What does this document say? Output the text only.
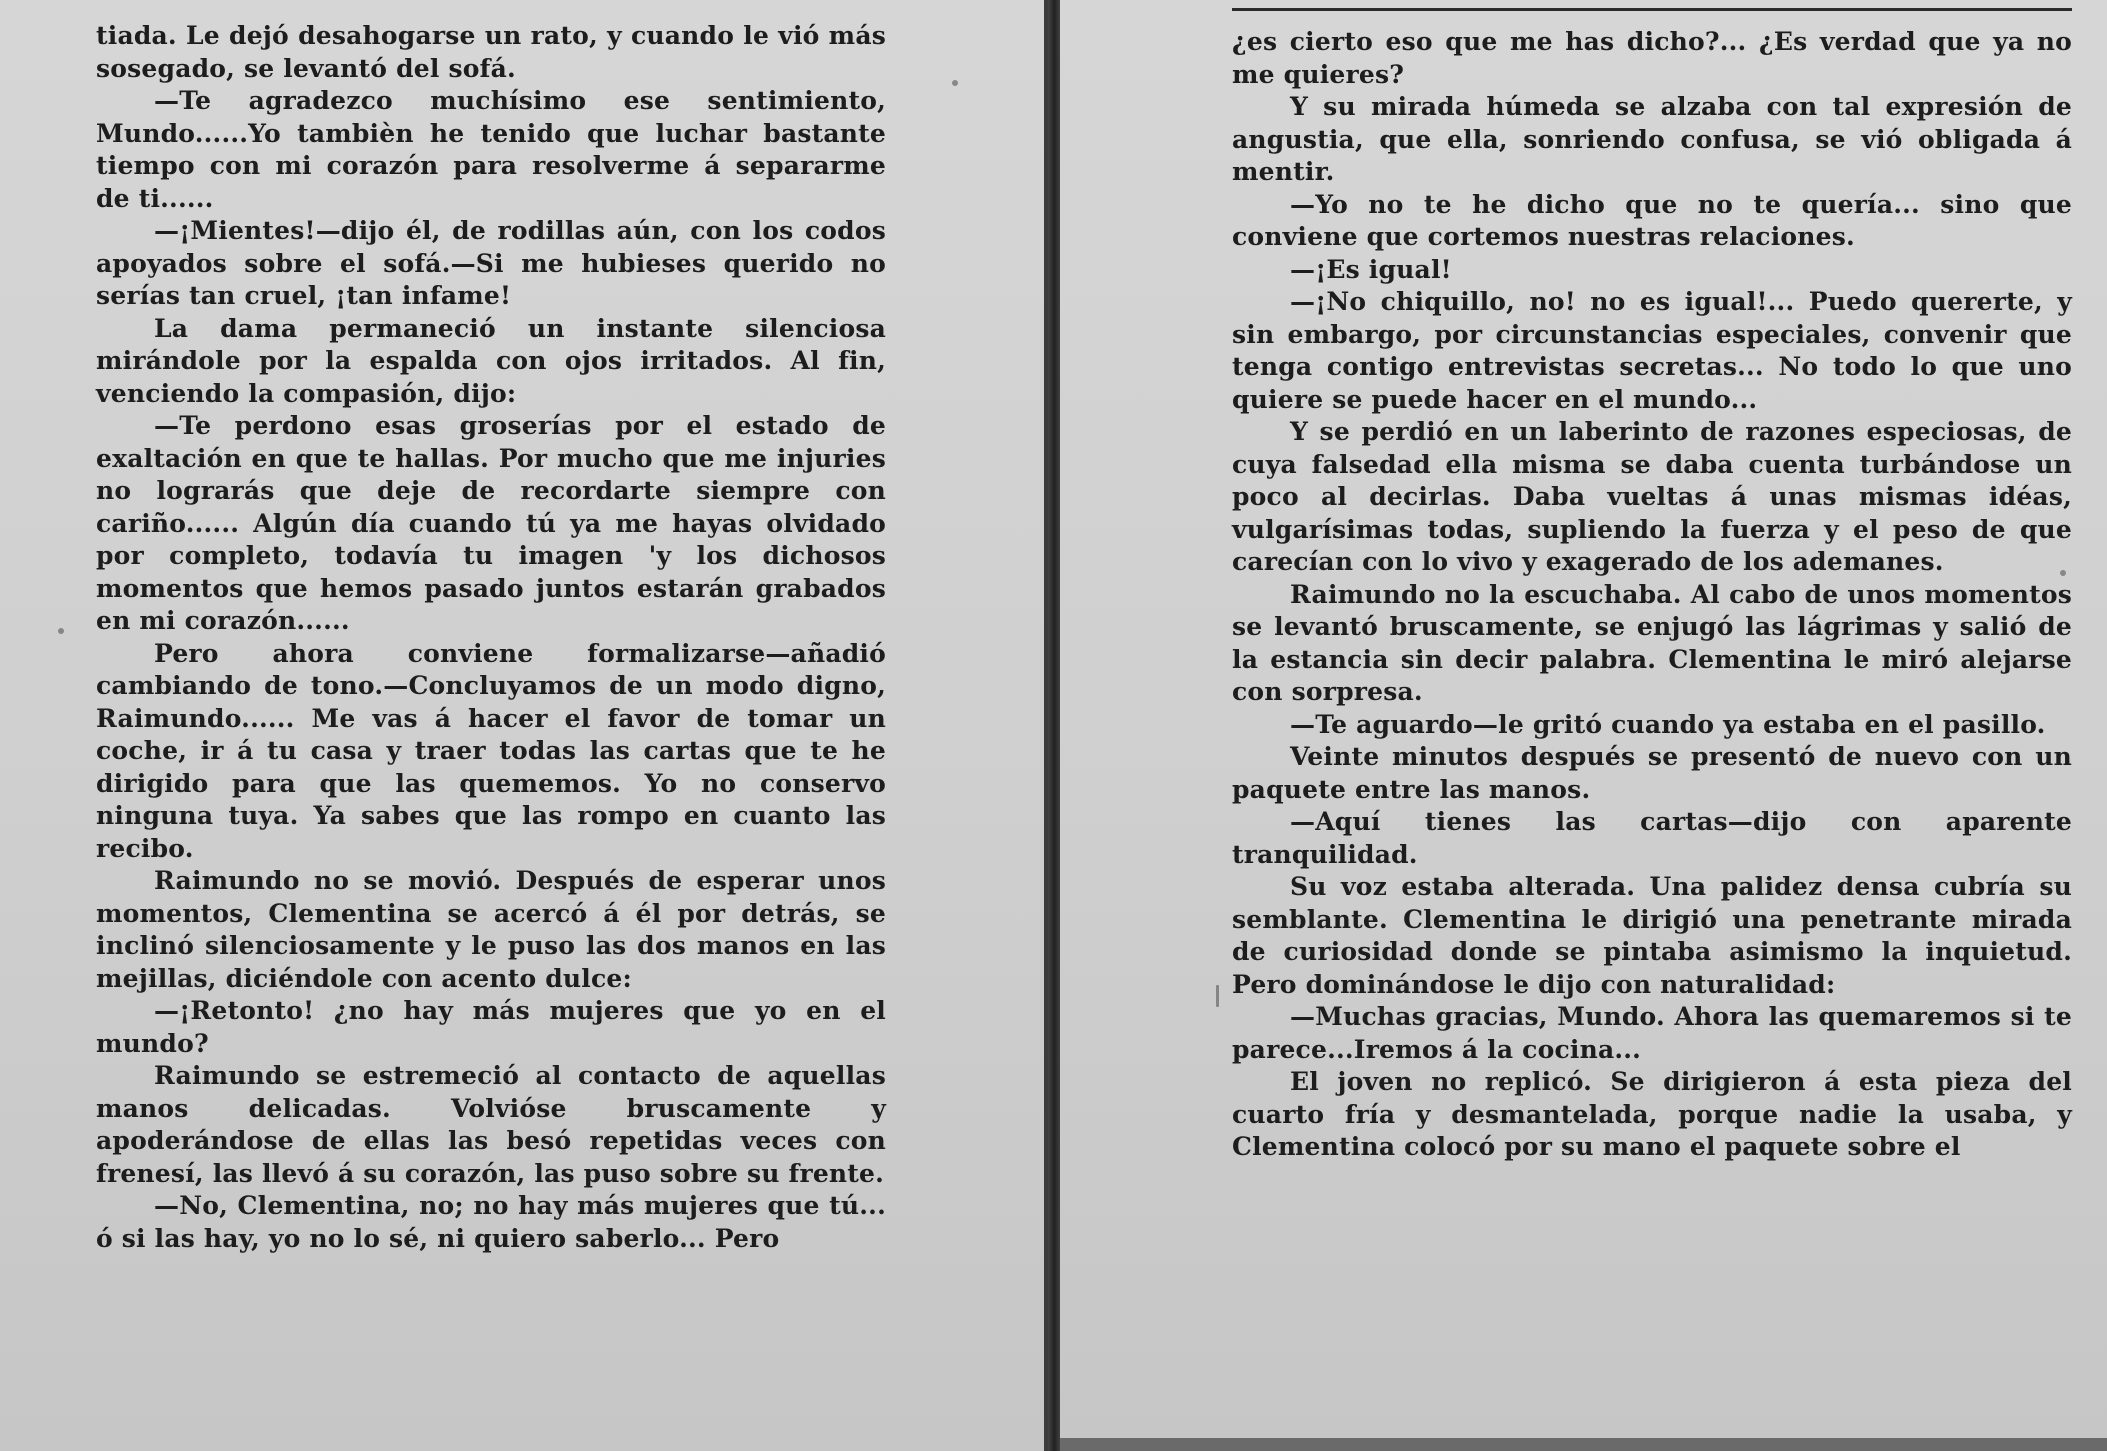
tiada. Le dejó desahogarse un rato, y cuando le vió más sosegado, se levantó del sofá.

—Te agradezco muchísimo ese sentimiento, Mundo......Yo tambièn he tenido que luchar bastante tiempo con mi corazón para resolverme á separarme de ti......

—¡Mientes!—dijo él, de rodillas aún, con los codos apoyados sobre el sofá.—Si me hubieses querido no serías tan cruel, ¡tan infame!

La dama permaneció un instante silenciosa mirándole por la espalda con ojos irritados. Al fin, venciendo la compasión, dijo:

—Te perdono esas groserías por el estado de exaltación en que te hallas. Por mucho que me injuries no lograrás que deje de recordarte siempre con cariño...... Algún día cuando tú ya me hayas olvidado por completo, todavía tu imagen 'y los dichosos momentos que hemos pasado juntos estarán grabados en mi corazón......

Pero ahora conviene formalizarse—añadió cambiando de tono.—Concluyamos de un modo digno, Raimundo...... Me vas á hacer el favor de tomar un coche, ir á tu casa y traer todas las cartas que te he dirigido para que las quememos. Yo no conservo ninguna tuya. Ya sabes que las rompo en cuanto las recibo.

Raimundo no se movió. Después de esperar unos momentos, Clementina se acercó á él por detrás, se inclinó silenciosamente y le puso las dos manos en las mejillas, diciéndole con acento dulce:

—¡Retonto! ¿no hay más mujeres que yo en el mundo?

Raimundo se estremeció al contacto de aquellas manos delicadas. Volvióse bruscamente y apoderándose de ellas las besó repetidas veces con frenesí, las llevó á su corazón, las puso sobre su frente.

—No, Clementina, no; no hay más mujeres que tú... ó si las hay, yo no lo sé, ni quiero saberlo... Pero

¿es cierto eso que me has dicho?... ¿Es verdad que ya no me quieres?

Y su mirada húmeda se alzaba con tal expresión de angustia, que ella, sonriendo confusa, se vió obligada á mentir.

—Yo no te he dicho que no te quería... sino que conviene que cortemos nuestras relaciones.

—¡Es igual!

—¡No chiquillo, no! no es igual!... Puedo quererte, y sin embargo, por circunstancias especiales, convenir que tenga contigo entrevistas secretas... No todo lo que uno quiere se puede hacer en el mundo...

Y se perdió en un laberinto de razones especiosas, de cuya falsedad ella misma se daba cuenta turbándose un poco al decirlas. Daba vueltas á unas mismas idéas, vulgarísimas todas, supliendo la fuerza y el peso de que carecían con lo vivo y exagerado de los ademanes.

Raimundo no la escuchaba. Al cabo de unos momentos se levantó bruscamente, se enjugó las lágrimas y salió de la estancia sin decir palabra. Clementina le miró alejarse con sorpresa.

—Te aguardo—le gritó cuando ya estaba en el pasillo.

Veinte minutos después se presentó de nuevo con un paquete entre las manos.

—Aquí tienes las cartas—dijo con aparente tranquilidad.

Su voz estaba alterada. Una palidez densa cubría su semblante. Clementina le dirigió una penetrante mirada de curiosidad donde se pintaba asimismo la inquietud. Pero dominándose le dijo con naturalidad:

—Muchas gracias, Mundo. Ahora las quemaremos si te parece...Iremos á la cocina...

El joven no replicó. Se dirigieron á esta pieza del cuarto fría y desmantelada, porque nadie la usaba, y Clementina colocó por su mano el paquete sobre el
